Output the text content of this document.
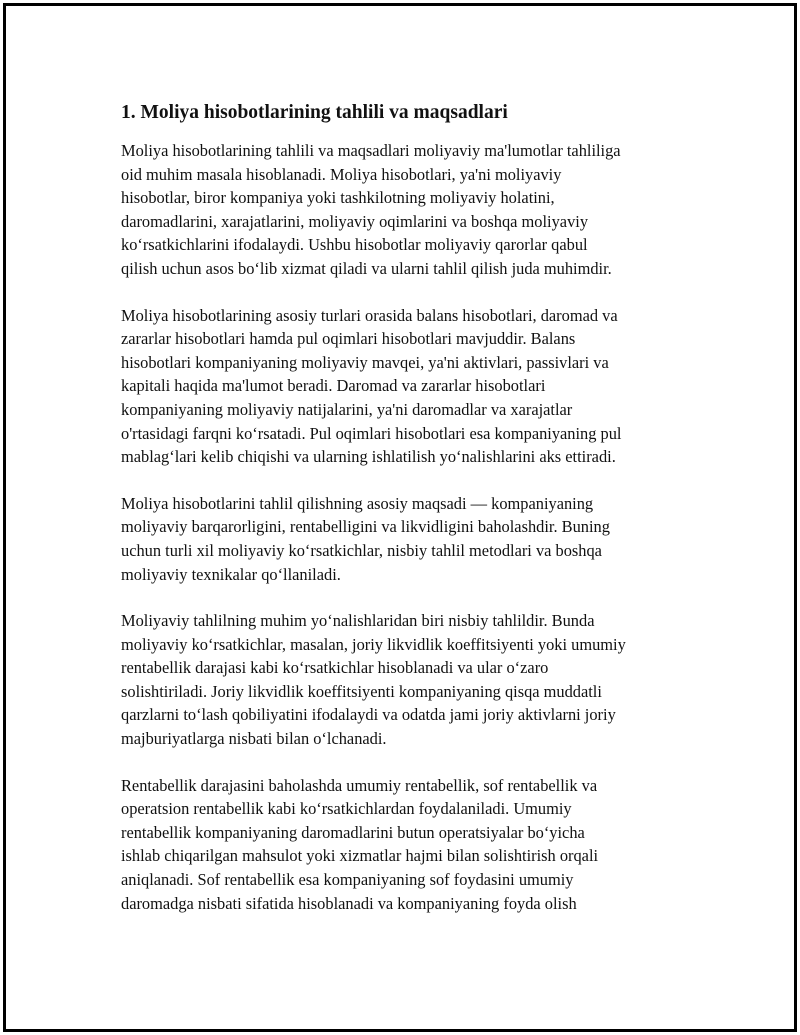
1. Moliya hisobotlarining tahlili va maqsadlari

Moliya hisobotlarining tahlili va maqsadlari moliyaviy ma'lumotlar tahliliga
oid muhim masala hisoblanadi. Moliya hisobotlari, ya'ni moliyaviy
hisobotlar, biror kompaniya yoki tashkilotning moliyaviy holatini,
daromadlarini, xarajatlarini, moliyaviy oqimlarini va boshqa moliyaviy
ko‘rsatkichlarini ifodalaydi. Ushbu hisobotlar moliyaviy qarorlar qabul
qilish uchun asos bo‘lib xizmat qiladi va ularni tahlil qilish juda muhimdir.

Moliya hisobotlarining asosiy turlari orasida balans hisobotlari, daromad va
zararlar hisobotlari hamda pul oqimlari hisobotlari mavjuddir. Balans
hisobotlari kompaniyaning moliyaviy mavqei, ya'ni aktivlari, passivlari va
kapitali haqida ma'lumot beradi. Daromad va zararlar hisobotlari
kompaniyaning moliyaviy natijalarini, ya'ni daromadlar va xarajatlar
o'rtasidagi farqni ko‘rsatadi. Pul oqimlari hisobotlari esa kompaniyaning pul
mablag‘lari kelib chiqishi va ularning ishlatilish yo‘nalishlarini aks ettiradi.

Moliya hisobotlarini tahlil qilishning asosiy maqsadi — kompaniyaning
moliyaviy barqarorligini, rentabelligini va likvidligini baholashdir. Buning
uchun turli xil moliyaviy ko‘rsatkichlar, nisbiy tahlil metodlari va boshqa
moliyaviy texnikalar qo‘llaniladi.

Moliyaviy tahlilning muhim yo‘nalishlaridan biri nisbiy tahlildir. Bunda
moliyaviy ko‘rsatkichlar, masalan, joriy likvidlik koeffitsiyenti yoki umumiy
rentabellik darajasi kabi ko‘rsatkichlar hisoblanadi va ular o‘zaro
solishtiriladi. Joriy likvidlik koeffitsiyenti kompaniyaning qisqa muddatli
qarzlarni to‘lash qobiliyatini ifodalaydi va odatda jami joriy aktivlarni joriy
majburiyatlarga nisbati bilan o‘lchanadi.

Rentabellik darajasini baholashda umumiy rentabellik, sof rentabellik va
operatsion rentabellik kabi ko‘rsatkichlardan foydalaniladi. Umumiy
rentabellik kompaniyaning daromadlarini butun operatsiyalar bo‘yicha
ishlab chiqarilgan mahsulot yoki xizmatlar hajmi bilan solishtirish orqali
aniqlanadi. Sof rentabellik esa kompaniyaning sof foydasini umumiy
daromadga nisbati sifatida hisoblanadi va kompaniyaning foyda olish
